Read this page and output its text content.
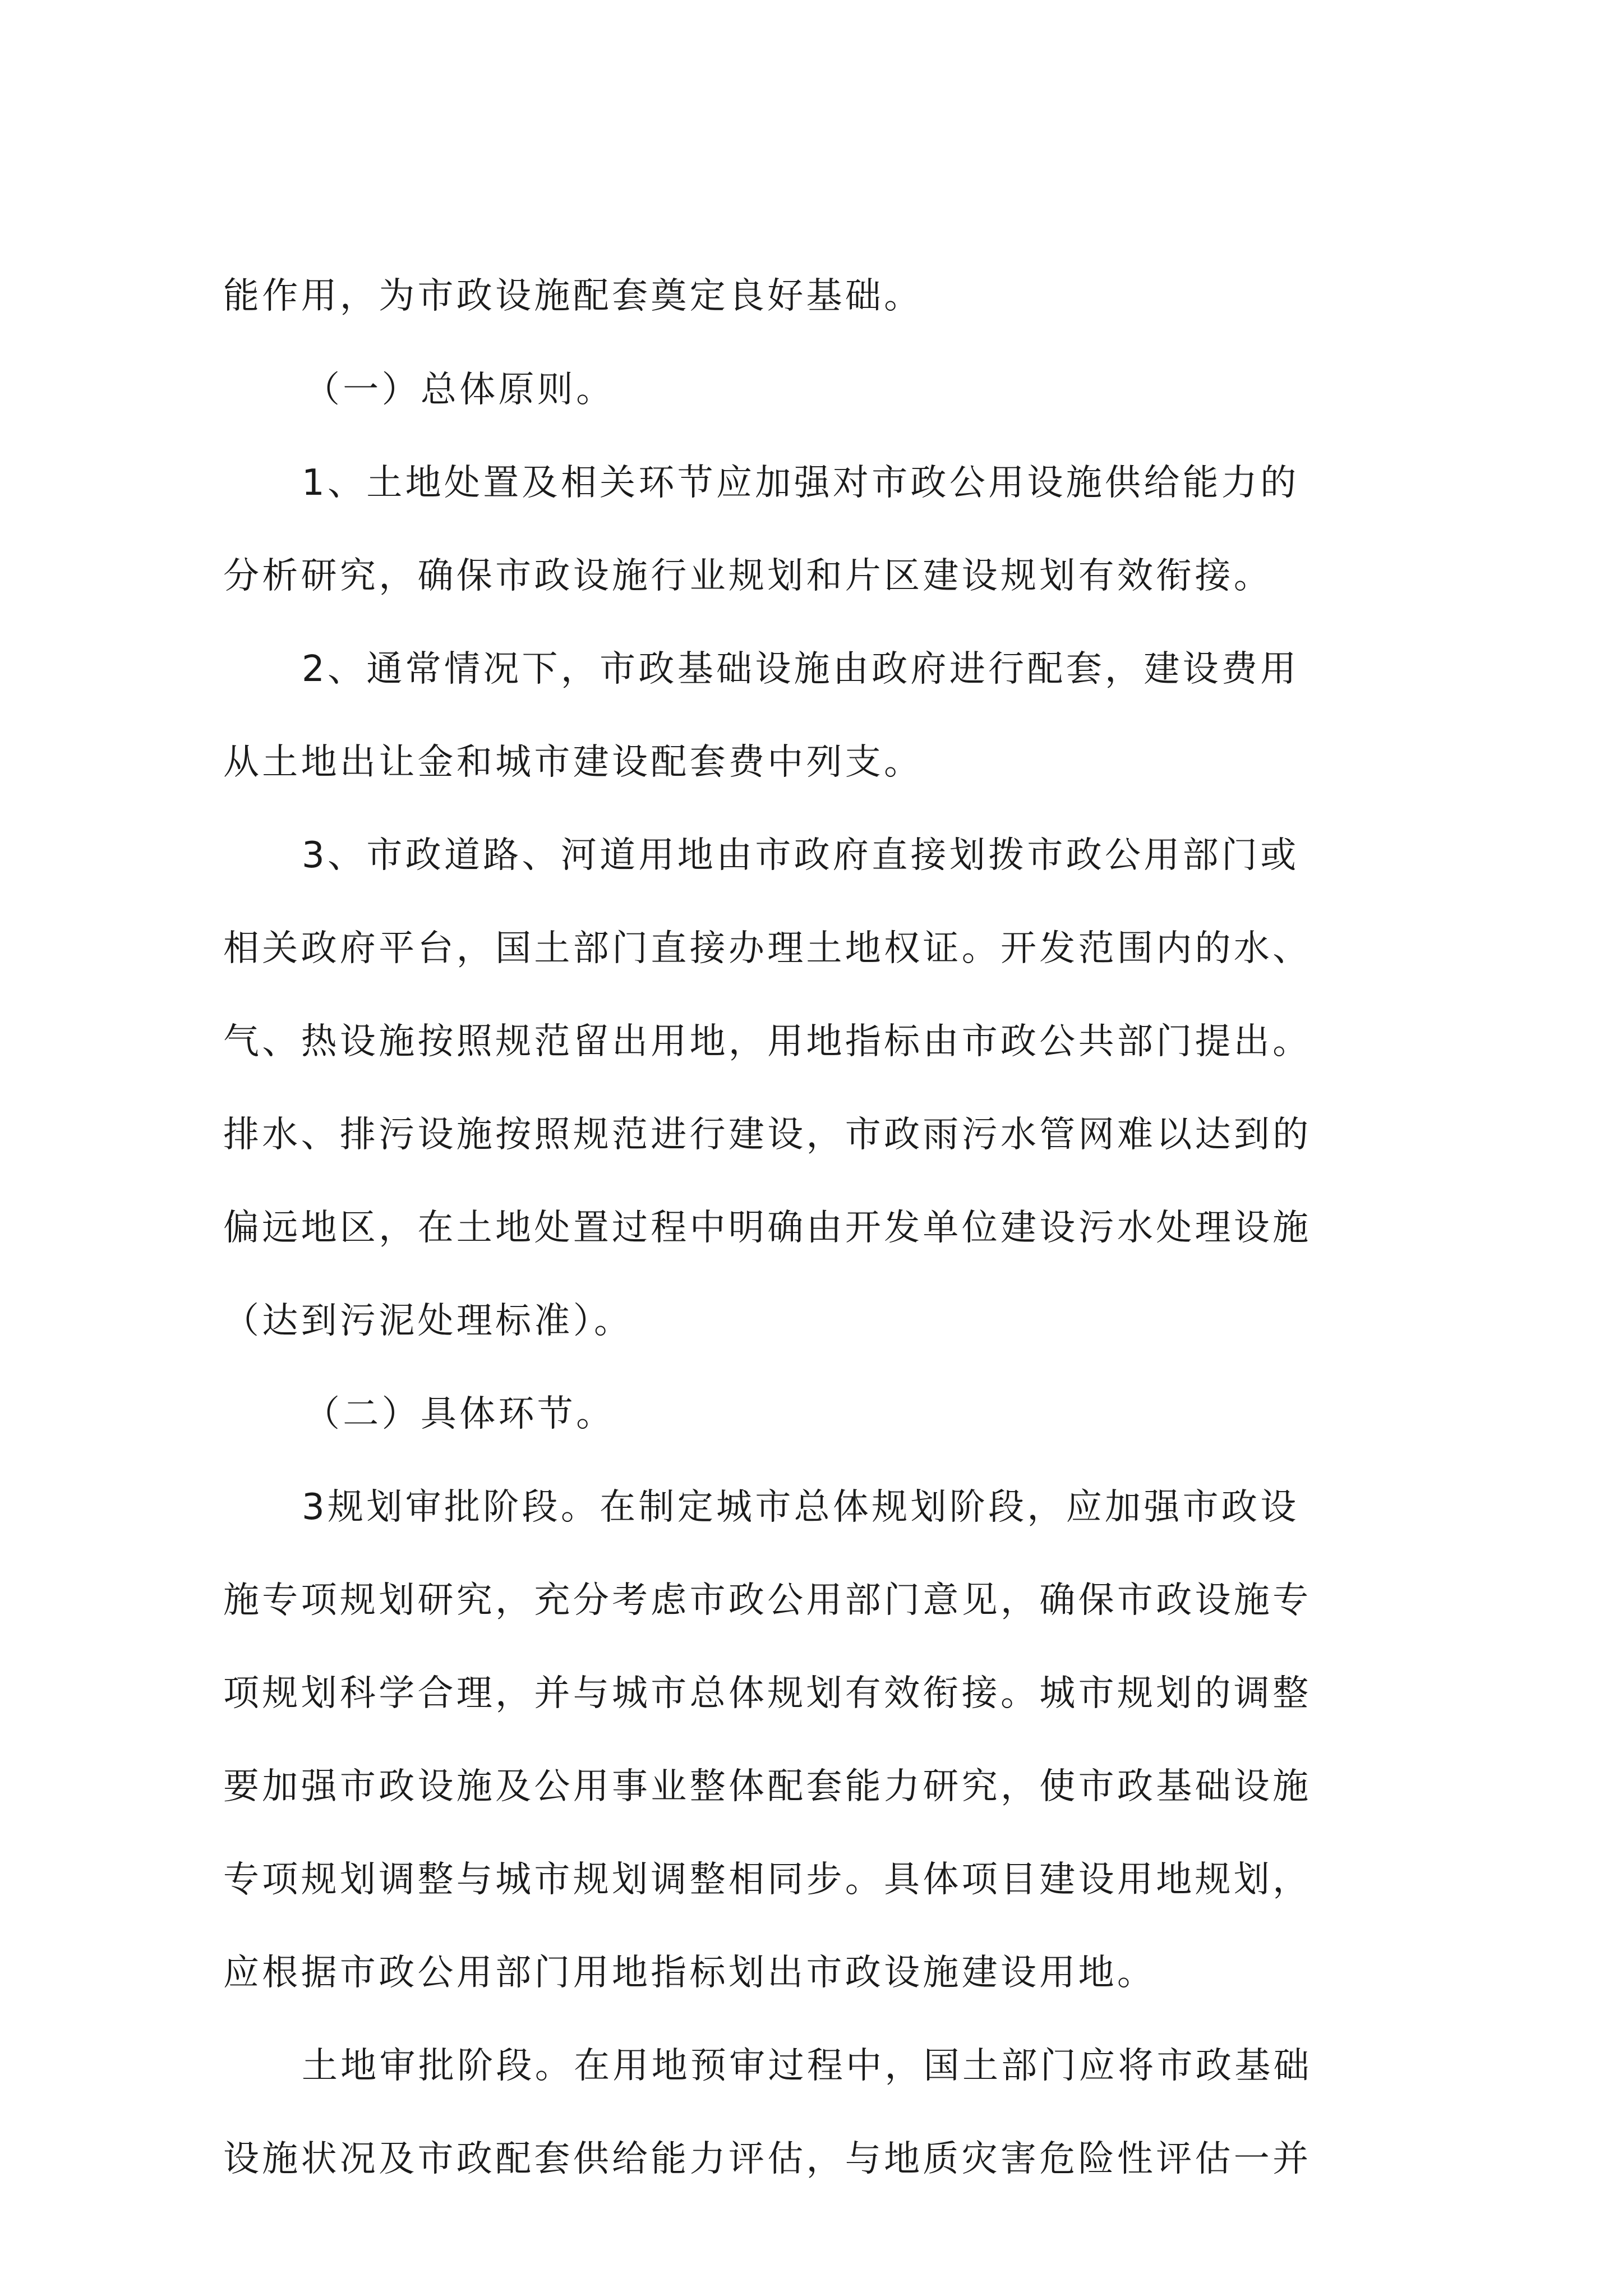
能作用，为市政设施配套奠定良好基础。
（一）总体原则。
1、土地处置及相关环节应加强对市政公用设施供给能力的
分析研究，确保市政设施行业规划和片区建设规划有效衔接。
2、通常情况下，市政基础设施由政府进行配套，建设费用
从土地出让金和城市建设配套费中列支。
3、市政道路、河道用地由市政府直接划拨市政公用部门或
相关政府平台，国土部门直接办理土地权证。开发范围内的水、
气、热设施按照规范留出用地，用地指标由市政公共部门提出。
排水、排污设施按照规范进行建设，市政雨污水管网难以达到的
偏远地区，在土地处置过程中明确由开发单位建设污水处理设施
（达到污泥处理标准）。
（二）具体环节。
3规划审批阶段。在制定城市总体规划阶段，应加强市政设
施专项规划研究，充分考虑市政公用部门意见，确保市政设施专
项规划科学合理，并与城市总体规划有效衔接。城市规划的调整
要加强市政设施及公用事业整体配套能力研究，使市政基础设施
专项规划调整与城市规划调整相同步。具体项目建设用地规划，
应根据市政公用部门用地指标划出市政设施建设用地。
土地审批阶段。在用地预审过程中，国土部门应将市政基础
设施状况及市政配套供给能力评估，与地质灾害危险性评估一并
